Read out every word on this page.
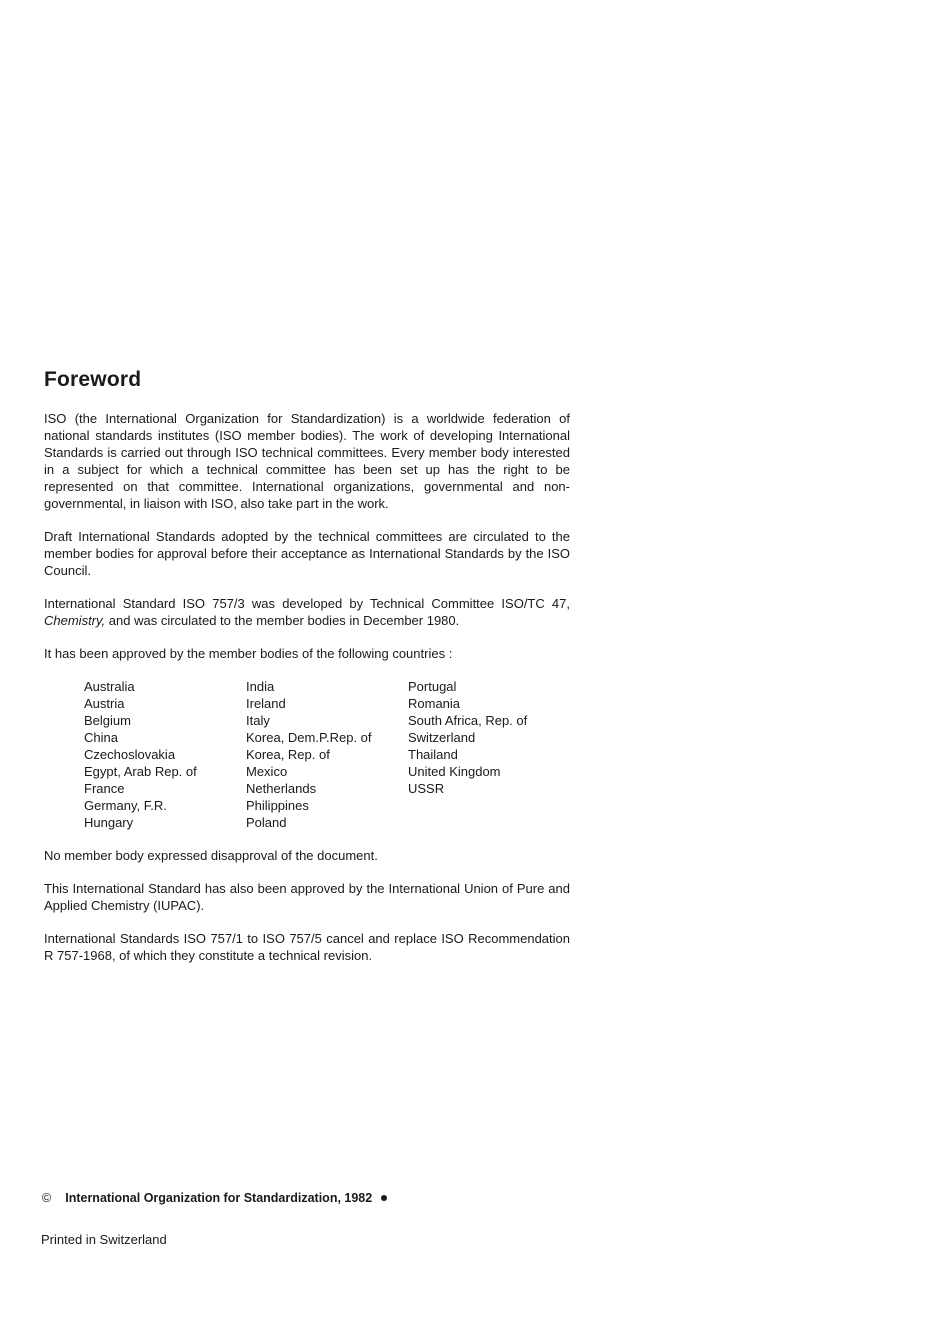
Foreword

ISO (the International Organization for Standardization) is a worldwide federation of national standards institutes (ISO member bodies). The work of developing International Standards is carried out through ISO technical committees. Every member body interested in a subject for which a technical committee has been set up has the right to be represented on that committee. International organizations, governmental and non-governmental, in liaison with ISO, also take part in the work.

Draft International Standards adopted by the technical committees are circulated to the member bodies for approval before their acceptance as International Standards by the ISO Council.

International Standard ISO 757/3 was developed by Technical Committee ISO/TC 47, Chemistry, and was circulated to the member bodies in December 1980.

It has been approved by the member bodies of the following countries :

Australia
Austria
Belgium
China
Czechoslovakia
Egypt, Arab Rep. of
France
Germany, F.R.
Hungary
India
Ireland
Italy
Korea, Dem.P.Rep. of
Korea, Rep. of
Mexico
Netherlands
Philippines
Poland
Portugal
Romania
South Africa, Rep. of
Switzerland
Thailand
United Kingdom
USSR

No member body expressed disapproval of the document.

This International Standard has also been approved by the International Union of Pure and Applied Chemistry (IUPAC).

International Standards ISO 757/1 to ISO 757/5 cancel and replace ISO Recommendation R 757-1968, of which they constitute a technical revision.

© International Organization for Standardization, 1982
Printed in Switzerland
